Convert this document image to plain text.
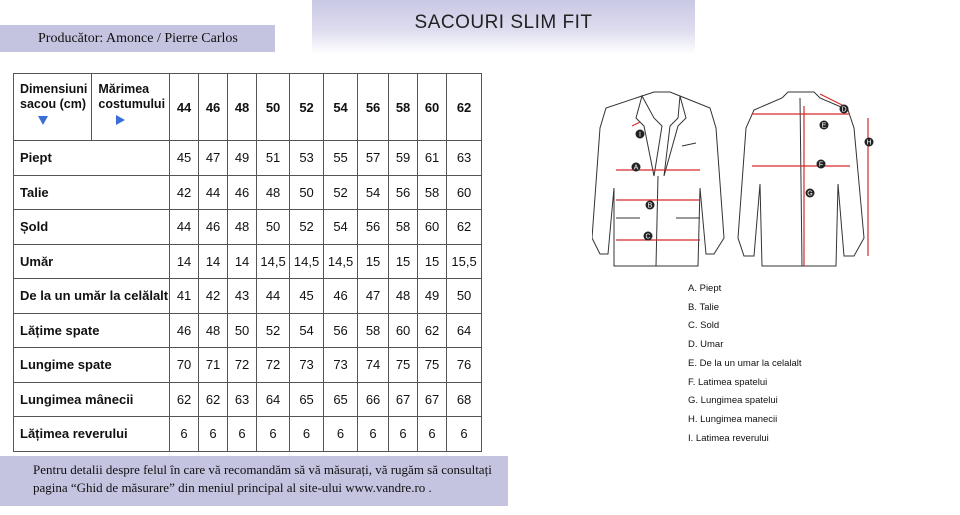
Producător: Amonce / Pierre Carlos
SACOURI SLIM FIT
Dimensiuni
sacou (cm)	Mărimea
costumului	44	46	48	50	52	54	56	58	60	62
Piept		45	47	49	51	53	55	57	59	61	63
Talie		42	44	46	48	50	52	54	56	58	60
Șold		44	46	48	50	52	54	56	58	60	62
Umăr		14	14	14	14,5	14,5	14,5	15	15	15	15,5
De la un umăr la celălalt		41	42	43	44	45	46	47	48	49	50
Lățime spate		46	48	50	52	54	56	58	60	62	64
Lungime spate		70	71	72	72	73	73	74	75	75	76
Lungimea mânecii		62	62	63	64	65	65	66	67	67	68
Lățimea reverului		6	6	6	6	6	6	6	6	6	6
A
B
C
D
E
F
G
H
I
A. Piept
B. Talie
C. Sold
D. Umar
E. De la un umar la celalalt
F. Latimea spatelui
G. Lungimea spatelui
H. Lungimea manecii
I. Latimea reverului
Pentru detalii despre felul în care vă recomandăm să vă măsurați, vă rugăm să consultați
pagina “Ghid de măsurare” din meniul principal al site-ului www.vandre.ro .
